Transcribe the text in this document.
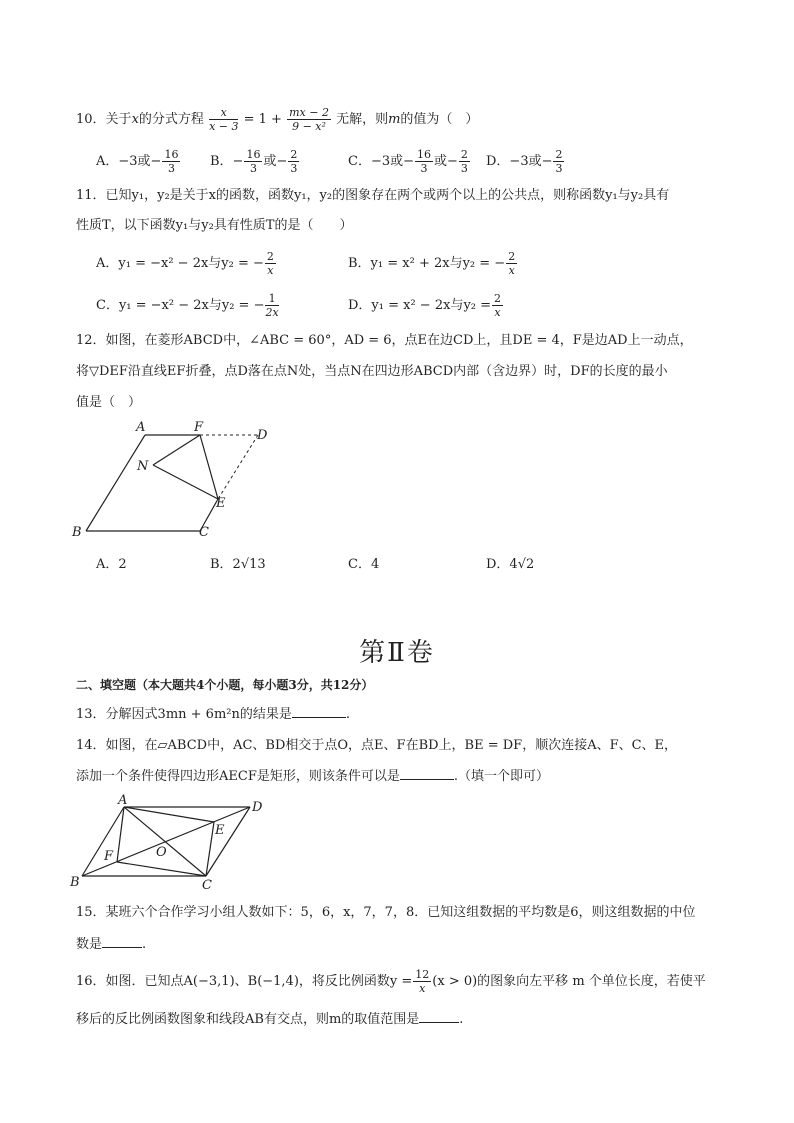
10．关于x的分式方程 $\frac{x}{x - 3} = 1 + \frac{mx - 2}{\text{9 − x²}}$ 无解，则m的值为（　）
A．−3或− $\frac{16}{3}$ B．− $\frac{16}{3}$ 或− $\frac{2}{3}$	C．−3或− $\frac{16}{3}$ 或− $\frac{2}{3}$ D．−3或− $\frac{2}{3}$
11．已知y₁，y₂是关于x的函数，函数y₁，y₂的图象存在两个或两个以上的公共点，则称函数y₁与y₂具有
性质T，以下函数y₁与y₂具有性质T的是（　　）
A．y₁ = −x² − 2x与y₂ = − $\frac{2}{x}$	B．y₁ = x² + 2x与y₂ = − $\frac{2}{x}$
C．y₁ = −x² − 2x与y₂ = − $\frac{1}{2x}$	D．y₁ = x² − 2x与$y_2 = \frac{2}{x}$
12．如图，在菱形ABCD中，∠ABC = 60°，AD = 6，点E在边CD上，且DE = 4，F是边AD上一动点，
将▽DEF沿直线EF折叠，点D落在点N处，当点N在四边形ABCD内部（含边界）时，DF的长度的最小
值是（　）
A	F
D
N
E
B	C
A．2	B．2√13	C．4	D．4√2
第Ⅱ卷
二、填空题（本大题共4个小题，每小题3分，共12分）
13．分解因式3mn + 6m²n的结果是	.
14．如图，在▱ABCD中，AC、BD相交于点O，点E、F在BD上，BE = DF，顺次连接A、F、C、E，
添加一个条件使得四边形AECF是矩形，则该条件可以是	.（填一个即可）
A	D
E
O
F
B	C
15．某班六个合作学习小组人数如下：5，6，x，7，7，8．已知这组数据的平均数是6，则这组数据的中位
数是	.
16．如图．已知点A(−3,1)、B(−1,4)，将反比例函数$y = \frac{12}{x} (x > 0)$的图象向左平移 m 个单位长度，若使平
移后的反比例函数图象和线段AB有交点，则m的取值范围是	.
